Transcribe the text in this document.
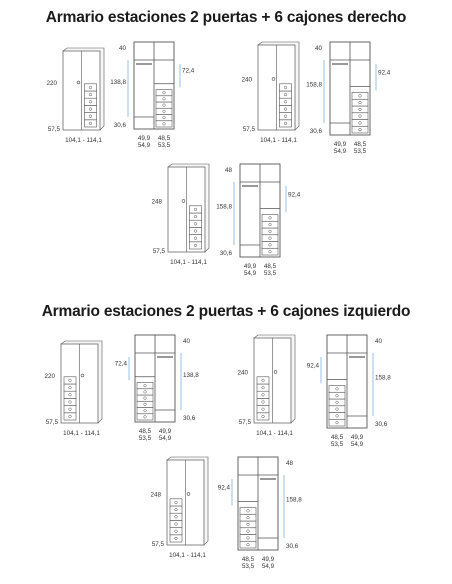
Armario estaciones 2 puertas + 6 cajones derecho
Armario estaciones 2 puertas + 6 cajones izquierdo
220
57,5
104,1 - 114,1
40
138,8
72,4
30,6
49,9
54,9
48,5
53,5
240
57,5
104,1 - 114,1
40
158,8
92,4
30,6
49,9
54,9
48,5
53,5
248
57,5
104,1 - 114,1
48
158,8
92,4
30,6
49,9
54,9
48,5
53,5
220
57,5
104,1 - 114,1
40
138,8
72,4
30,6
48,5
53,5
49,9
54,9
240
57,5
104,1 - 114,1
40
158,8
92,4
30,6
48,5
53,5
49,9
54,9
248
57,5
104,1 - 114,1
48
158,8
92,4
30,6
48,5
53,5
49,9
54,9
